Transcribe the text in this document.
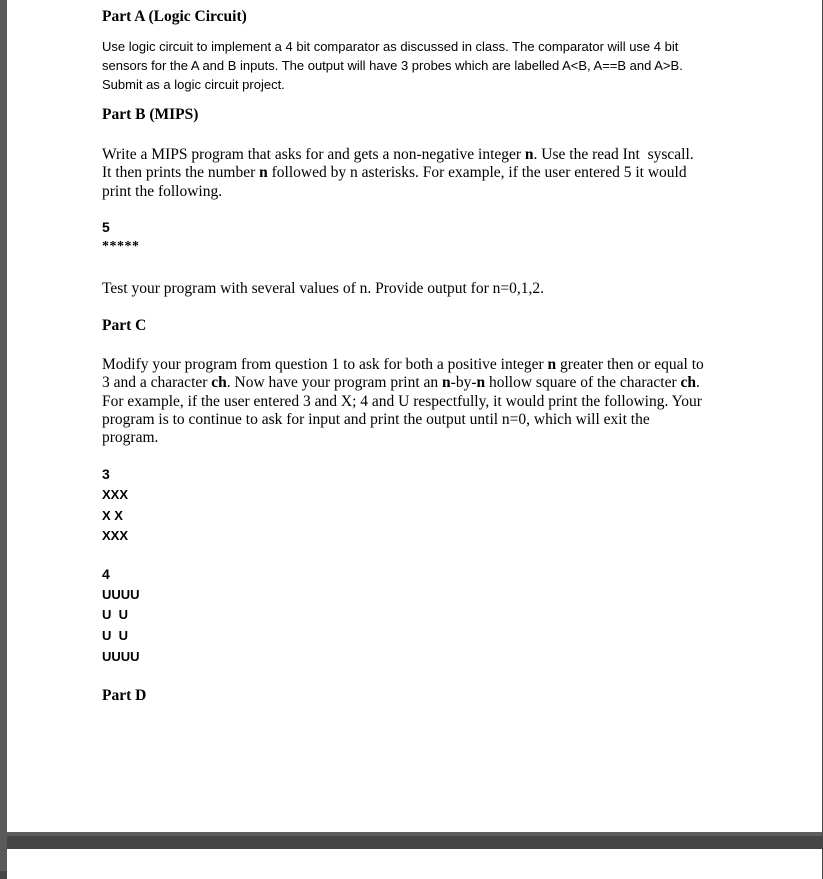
Part A (Logic Circuit)
Use logic circuit to implement a 4 bit comparator as discussed in class. The comparator will use 4 bit
sensors for the A and B inputs. The output will have 3 probes which are labelled A<B, A==B and A>B.
Submit as a logic circuit project.
Part B (MIPS)
Write a MIPS program that asks for and gets a non-negative integer n. Use the read Int  syscall.
It then prints the number n followed by n asterisks. For example, if the user entered 5 it would
print the following.
5
*****
Test your program with several values of n. Provide output for n=0,1,2.
Part C
Modify your program from question 1 to ask for both a positive integer n greater then or equal to
3 and a character ch. Now have your program print an n-by-n hollow square of the character ch.
For example, if the user entered 3 and X; 4 and U respectfully, it would print the following. Your
program is to continue to ask for input and print the output until n=0, which will exit the
program.
3
XXX
X X
XXX
4
UUUU
U  U
U  U
UUUU
Part D
